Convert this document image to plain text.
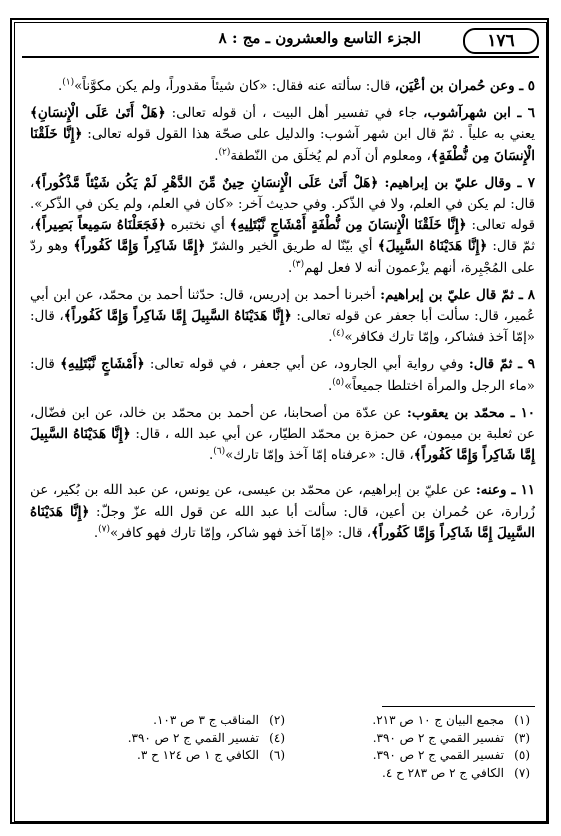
١٧٦
الجزء التاسع والعشرون ـ مج : ٨

٥ ـ وعن حُمران بن أعْيَن، قال: سألته عنه فقال: «كان شيئاً مقدوراً، ولم يكن مكوَّناً»$^{(١)}$.

٦ ـ ابن شهرآشوب، جاء في تفسير أهل البيت ، أن قوله تعالى: ﴿هَلْ أَتَىٰ عَلَى الْإِنسَانِ﴾ يعني به علياً . ثمّ قال ابن شهر آشوب: والدليل على صحّة هذا القول قوله تعالى: ﴿إِنَّا خَلَقْنَا الْإِنسَانَ مِن نُّطْفَةٍ﴾، ومعلوم أن آدم لم يُخلَق من النّطفة$^{(٢)}$.

٧ ـ وقال عليّ بن إبراهيم: ﴿هَلْ أَتَىٰ عَلَى الْإِنسَانِ حِينٌ مِّنَ الدَّهْرِ لَمْ يَكُن شَيْئاً مَّذْكُوراً﴾، قال: لم يكن في العلم، ولا في الذّكر. وفي حديث آخر: «كان في العلم، ولم يكن في الذّكر». قوله تعالى: ﴿إِنَّا خَلَقْنَا الْإِنسَانَ مِن نُّطْفَةٍ أَمْشَاجٍ نَّبْتَلِيهِ﴾ أي نختبره ﴿فَجَعَلْنَاهُ سَمِيعاً بَصِيراً﴾، ثمّ قال: ﴿إِنَّا هَدَيْنَاهُ السَّبِيلَ﴾ أي بيّنّا له طريق الخير والشرّ ﴿إِمَّا شَاكِراً وَإِمَّا كَفُوراً﴾ وهو ردّ على المُجْبِرة، أنهم يزْعمون أنه لا فعل لهم$^{(٣)}$.

٨ ـ ثمّ قال عليّ بن إبراهيم: أخبرنا أحمد بن إدريس، قال: حدّثنا أحمد بن محمّد، عن ابن أبي عُمير، قال: سألت أبا جعفر عن قوله تعالى: ﴿إِنَّا هَدَيْنَاهُ السَّبِيلَ إِمَّا شَاكِراً وَإِمَّا كَفُوراً﴾، قال: «إمّا آخذ فشاكر، وإمّا تارك فكافر»$^{(٤)}$.

٩ ـ ثمّ قال: وفي رواية أبي الجارود، عن أبي جعفر ، في قوله تعالى: ﴿أَمْشَاجٍ نَّبْتَلِيهِ﴾ قال: «ماء الرجل والمرأة اختلطا جميعاً»$^{(٥)}$.

١٠ ـ محمّد بن يعقوب: عن عدّة من أصحابنا، عن أحمد بن محمّد بن خالد، عن ابن فضّال، عن ثعلبة بن ميمون، عن حمزة بن محمّد الطيّار، عن أبي عبد الله ، قال: ﴿إِنَّا هَدَيْنَاهُ السَّبِيلَ إِمَّا شَاكِراً وَإِمَّا كَفُوراً﴾، قال: «عرفناه إمّا آخذ وإمّا تارك»$^{(٦)}$.

١١ ـ وعنه: عن عليّ بن إبراهيم، عن محمّد بن عيسى، عن يونس، عن عبد الله بن بُكير، عن زُرارة، عن حُمران بن أعين، قال: سألت أبا عبد الله عن قول الله عزّ وجلّ: ﴿إِنَّا هَدَيْنَاهُ السَّبِيلَ إِمَّا شَاكِراً وَإِمَّا كَفُوراً﴾، قال: «إمّا آخذ فهو شاكر، وإمّا تارك فهو كافر»$^{(٧)}$.

(١)مجمع البيان ج ١٠ ص ٢١٣.
(٢)المناقب ج ٣ ص ١٠٣.
(٣)تفسير القمي ج ٢ ص ٣٩٠.
(٤)تفسير القمي ج ٢ ص ٣٩٠.
(٥)تفسير القمي ج ٢ ص ٣٩٠.
(٦)الكافي ج ١ ص ١٢٤ ح ٣.
(٧)الكافي ج ٢ ص ٢٨٣ ح ٤.
